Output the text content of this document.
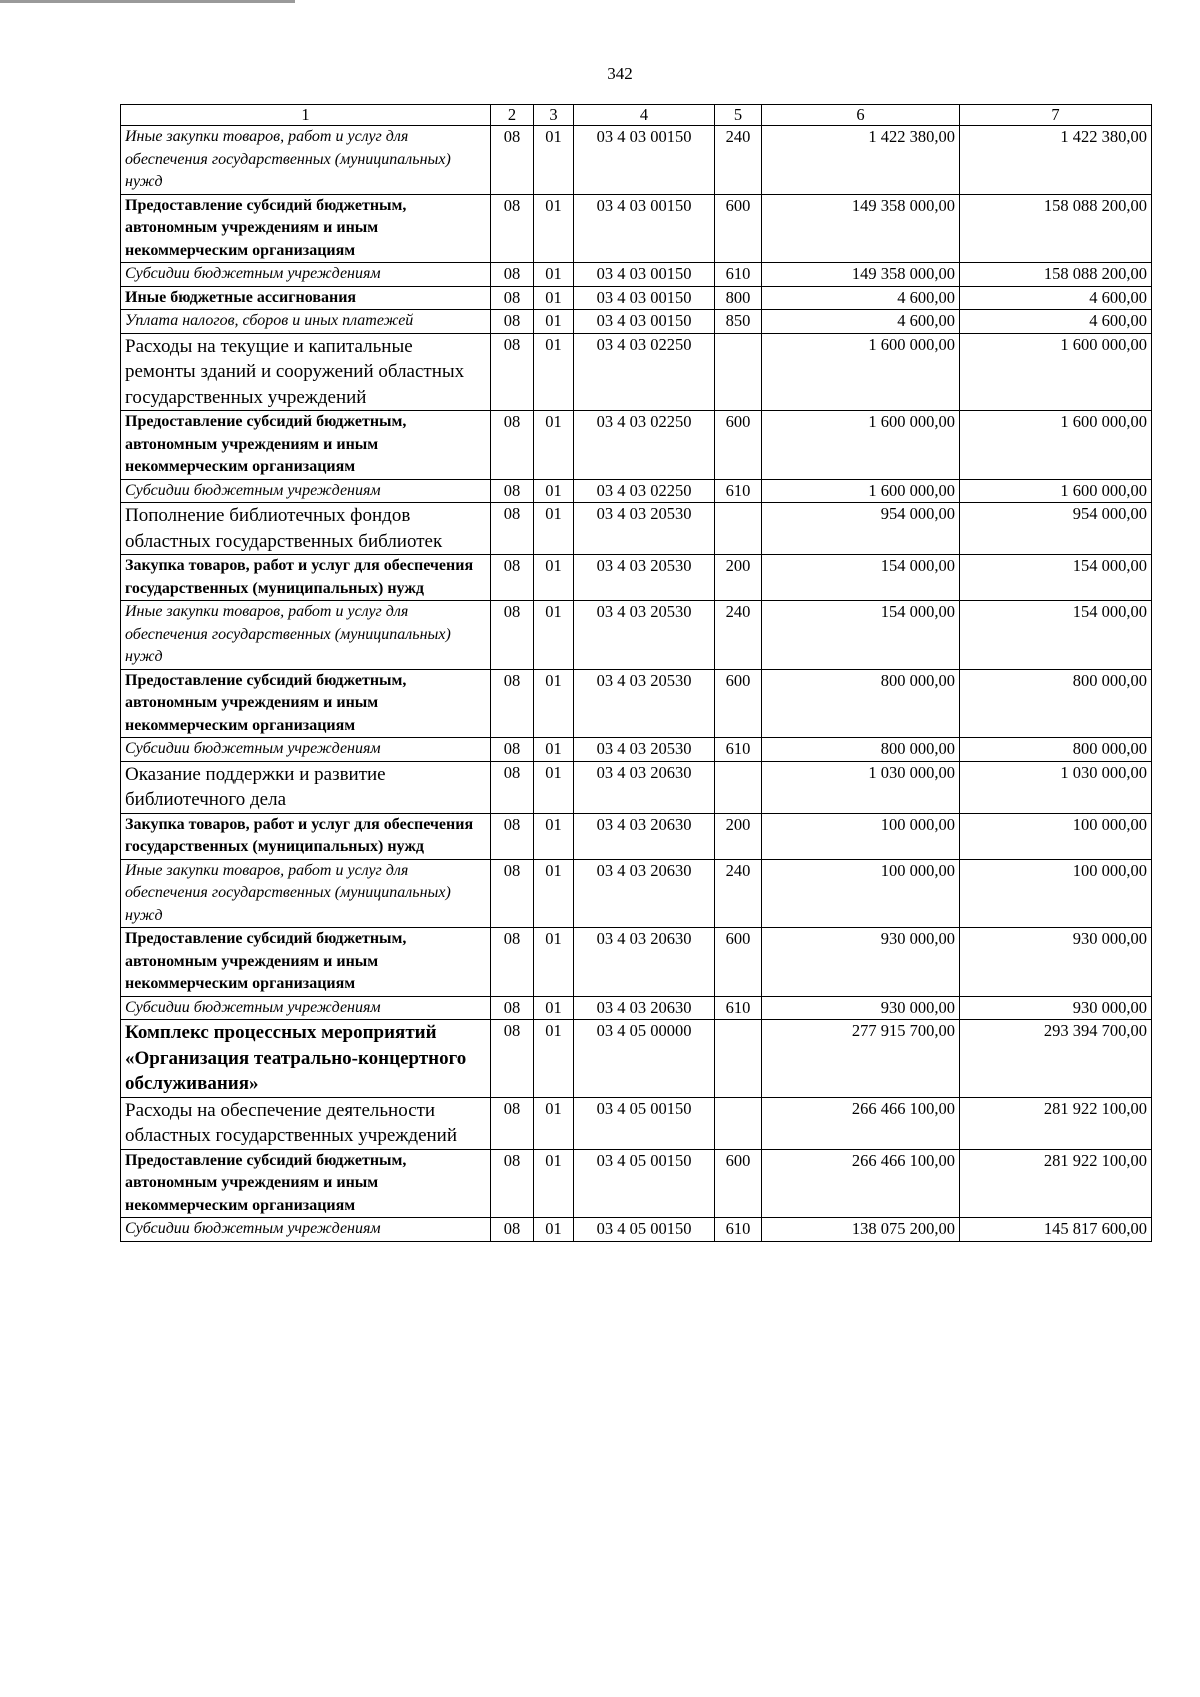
342
1	2	3	4	5	6	7
Иные закупки товаров, работ и услуг для обеспечения государственных (муниципальных) нужд	08	01	03 4 03 00150	240	1 422 380,00	1 422 380,00
Предоставление субсидий бюджетным, автономным учреждениям и иным некоммерческим организациям	08	01	03 4 03 00150	600	149 358 000,00	158 088 200,00
Субсидии бюджетным учреждениям	08	01	03 4 03 00150	610	149 358 000,00	158 088 200,00
Иные бюджетные ассигнования	08	01	03 4 03 00150	800	4 600,00	4 600,00
Уплата налогов, сборов и иных платежей	08	01	03 4 03 00150	850	4 600,00	4 600,00
Расходы на текущие и капитальные ремонты зданий и сооружений областных государственных учреждений	08	01	03 4 03 02250		1 600 000,00	1 600 000,00
Предоставление субсидий бюджетным, автономным учреждениям и иным некоммерческим организациям	08	01	03 4 03 02250	600	1 600 000,00	1 600 000,00
Субсидии бюджетным учреждениям	08	01	03 4 03 02250	610	1 600 000,00	1 600 000,00
Пополнение библиотечных фондов областных государственных библиотек	08	01	03 4 03 20530		954 000,00	954 000,00
Закупка товаров, работ и услуг для обеспечения государственных (муниципальных) нужд	08	01	03 4 03 20530	200	154 000,00	154 000,00
Иные закупки товаров, работ и услуг для обеспечения государственных (муниципальных) нужд	08	01	03 4 03 20530	240	154 000,00	154 000,00
Предоставление субсидий бюджетным, автономным учреждениям и иным некоммерческим организациям	08	01	03 4 03 20530	600	800 000,00	800 000,00
Субсидии бюджетным учреждениям	08	01	03 4 03 20530	610	800 000,00	800 000,00
Оказание поддержки и развитие библиотечного дела	08	01	03 4 03 20630		1 030 000,00	1 030 000,00
Закупка товаров, работ и услуг для обеспечения государственных (муниципальных) нужд	08	01	03 4 03 20630	200	100 000,00	100 000,00
Иные закупки товаров, работ и услуг для обеспечения государственных (муниципальных) нужд	08	01	03 4 03 20630	240	100 000,00	100 000,00
Предоставление субсидий бюджетным, автономным учреждениям и иным некоммерческим организациям	08	01	03 4 03 20630	600	930 000,00	930 000,00
Субсидии бюджетным учреждениям	08	01	03 4 03 20630	610	930 000,00	930 000,00
Комплекс процессных мероприятий «Организация театрально-концертного обслуживания»	08	01	03 4 05 00000		277 915 700,00	293 394 700,00
Расходы на обеспечение деятельности областных государственных учреждений	08	01	03 4 05 00150		266 466 100,00	281 922 100,00
Предоставление субсидий бюджетным, автономным учреждениям и иным некоммерческим организациям	08	01	03 4 05 00150	600	266 466 100,00	281 922 100,00
Субсидии бюджетным учреждениям	08	01	03 4 05 00150	610	138 075 200,00	145 817 600,00
